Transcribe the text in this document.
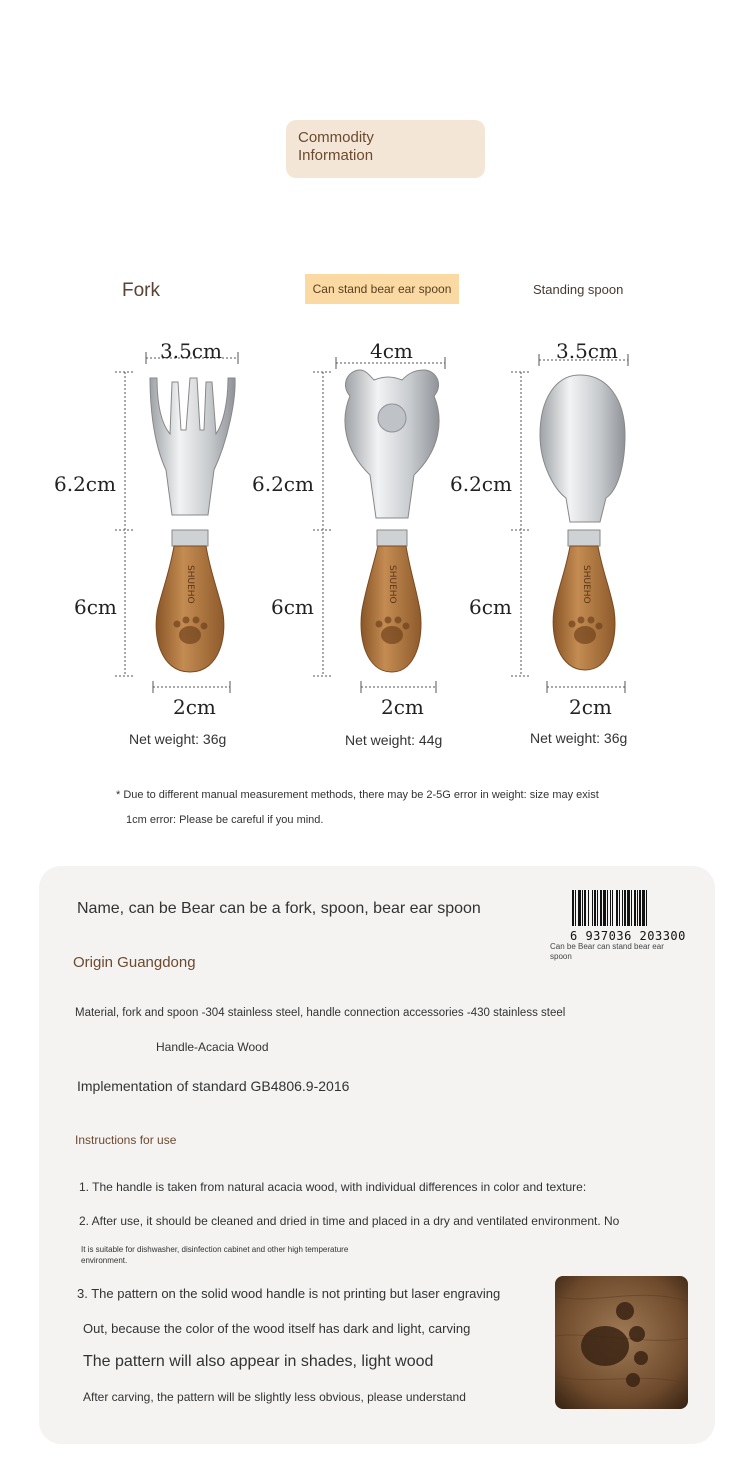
Commodity
Information
Fork	Can stand bear ear spoon	Standing spoon
SHUEHO	SHUEHO	SHUEHO
3.5cm
6.2cm
6cm
2cm
Net weight: 36g
4cm
6.2cm
6cm
2cm
Net weight: 44g
3.5cm
6.2cm
6cm
2cm
Net weight: 36g
* Due to different manual measurement methods, there may be 2-5G error in weight: size may exist
1cm error: Please be careful if you mind.
Name, can be Bear can be a fork, spoon, bear ear spoon
Origin Guangdong
Material, fork and spoon -304 stainless steel, handle connection accessories -430 stainless steel
Handle-Acacia Wood
Implementation of standard GB4806.9-2016
Instructions for use
1. The handle is taken from natural acacia wood, with individual differences in color and texture:
2. After use, it should be cleaned and dried in time and placed in a dry and ventilated environment. No
It is suitable for dishwasher, disinfection cabinet and other high temperature
environment.
3. The pattern on the solid wood handle is not printing but laser engraving
Out, because the color of the wood itself has dark and light, carving
The pattern will also appear in shades, light wood
After carving, the pattern will be slightly less obvious, please understand
6 937036 203300
Can be Bear can stand bear ear spoon
